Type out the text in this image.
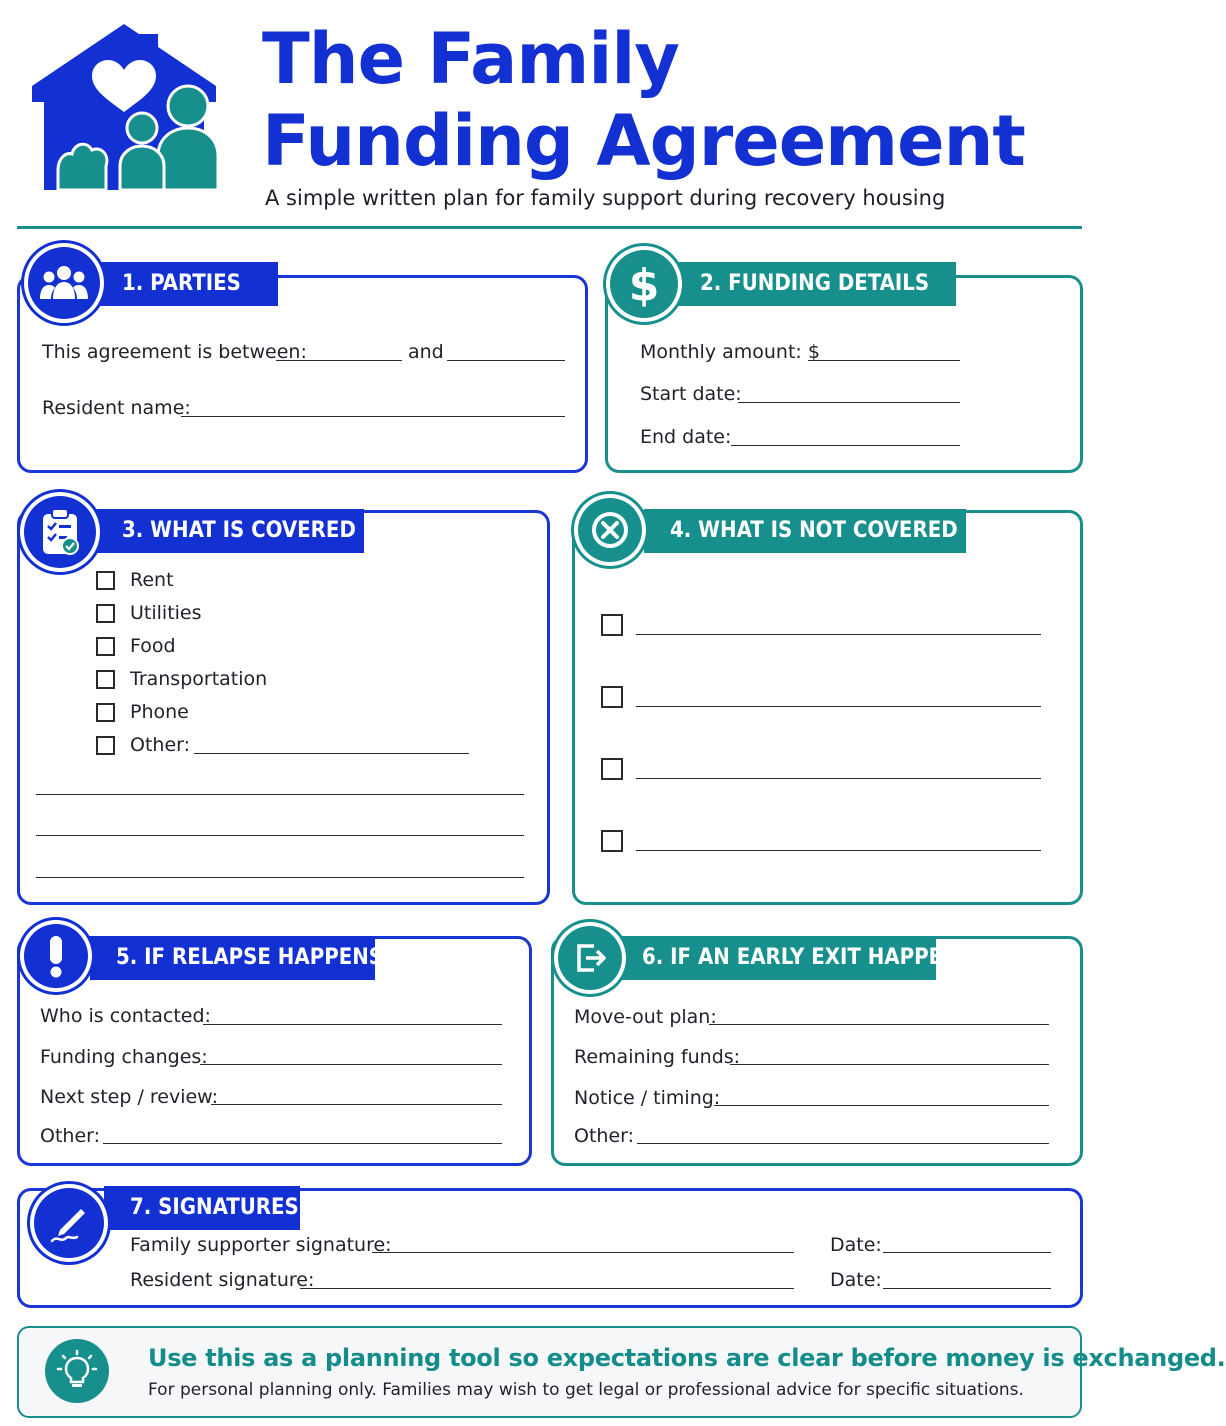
The Family
Funding Agreement
A simple written plan for family support during recovery housing
1. PARTIES
This agreement is between:	and
Resident name:
2. FUNDING DETAILS
$
Monthly amount: $
Start date:
End date:
3. WHAT IS COVERED
Rent
Utilities
Food
Transportation
Phone
Other:
4. WHAT IS NOT COVERED
5. IF RELAPSE HAPPENS
Who is contacted:
Funding changes:
Next step / review:
Other:
6. IF AN EARLY EXIT HAPPENS
Move-out plan:
Remaining funds:
Notice / timing:
Other:
7. SIGNATURES
Family supporter signature:	Date:
Resident signature:	Date:
Use this as a planning tool so expectations are clear before money is exchanged.
For personal planning only. Families may wish to get legal or professional advice for specific situations.
